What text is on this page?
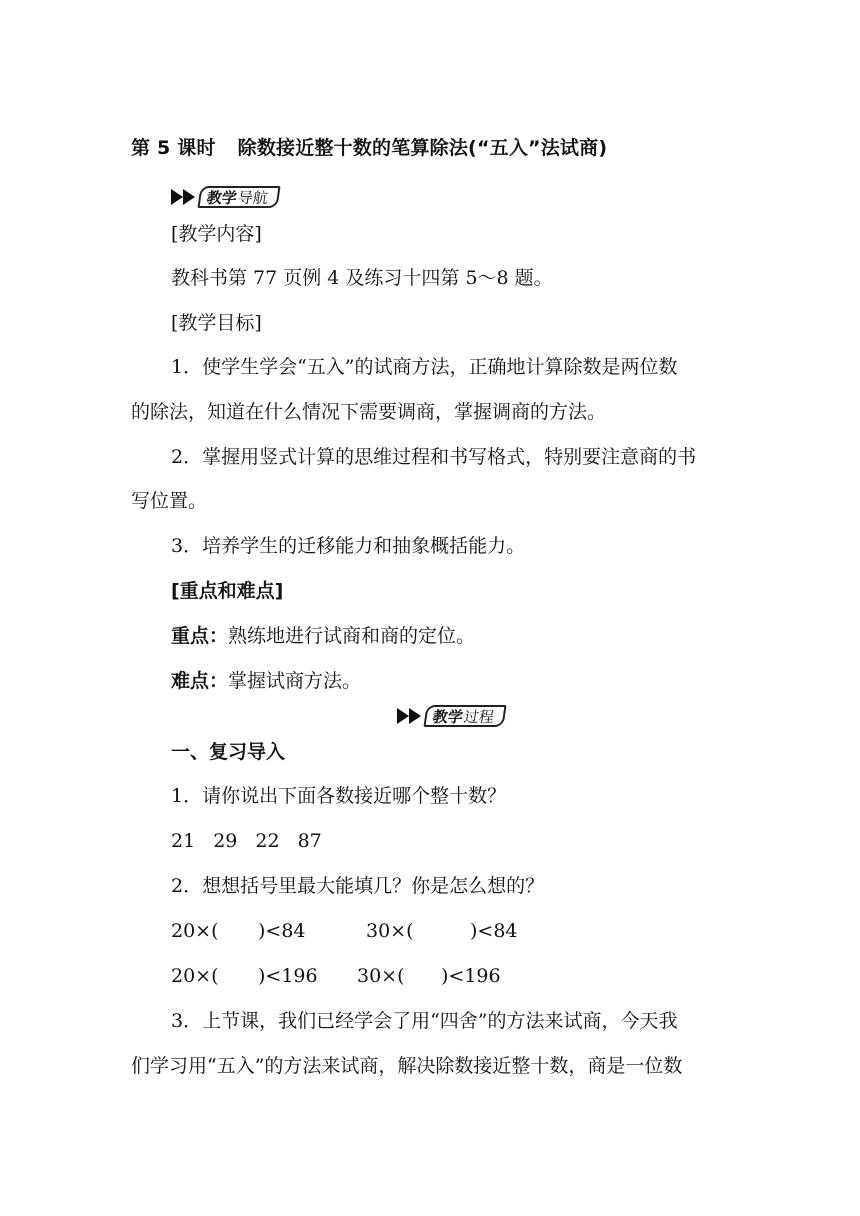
第 5 课时 除数接近整十数的笔算除法(“五入”法试商)
教学
导航
[教学内容]
教科书第 77 页例 4 及练习十四第 5～8 题。
[教学目标]
1．使学生学会“五入”的试商方法，正确地计算除数是两位数
的除法，知道在什么情况下需要调商，掌握调商的方法。
2．掌握用竖式计算的思维过程和书写格式，特别要注意商的书
写位置。
3．培养学生的迁移能力和抽象概括能力。
[重点和难点]
重点：熟练地进行试商和商的定位。
难点：掌握试商方法。
教学
过程
一、复习导入
1．请你说出下面各数接近哪个整十数？
21 29 22 87
2．想想括号里最大能填几？你是怎么想的？
20×( )<84	30×(	)<84
20×( )<196 30×( )<196
3．上节课，我们已经学会了用“四舍”的方法来试商，今天我
们学习用“五入”的方法来试商，解决除数接近整十数，商是一位数
